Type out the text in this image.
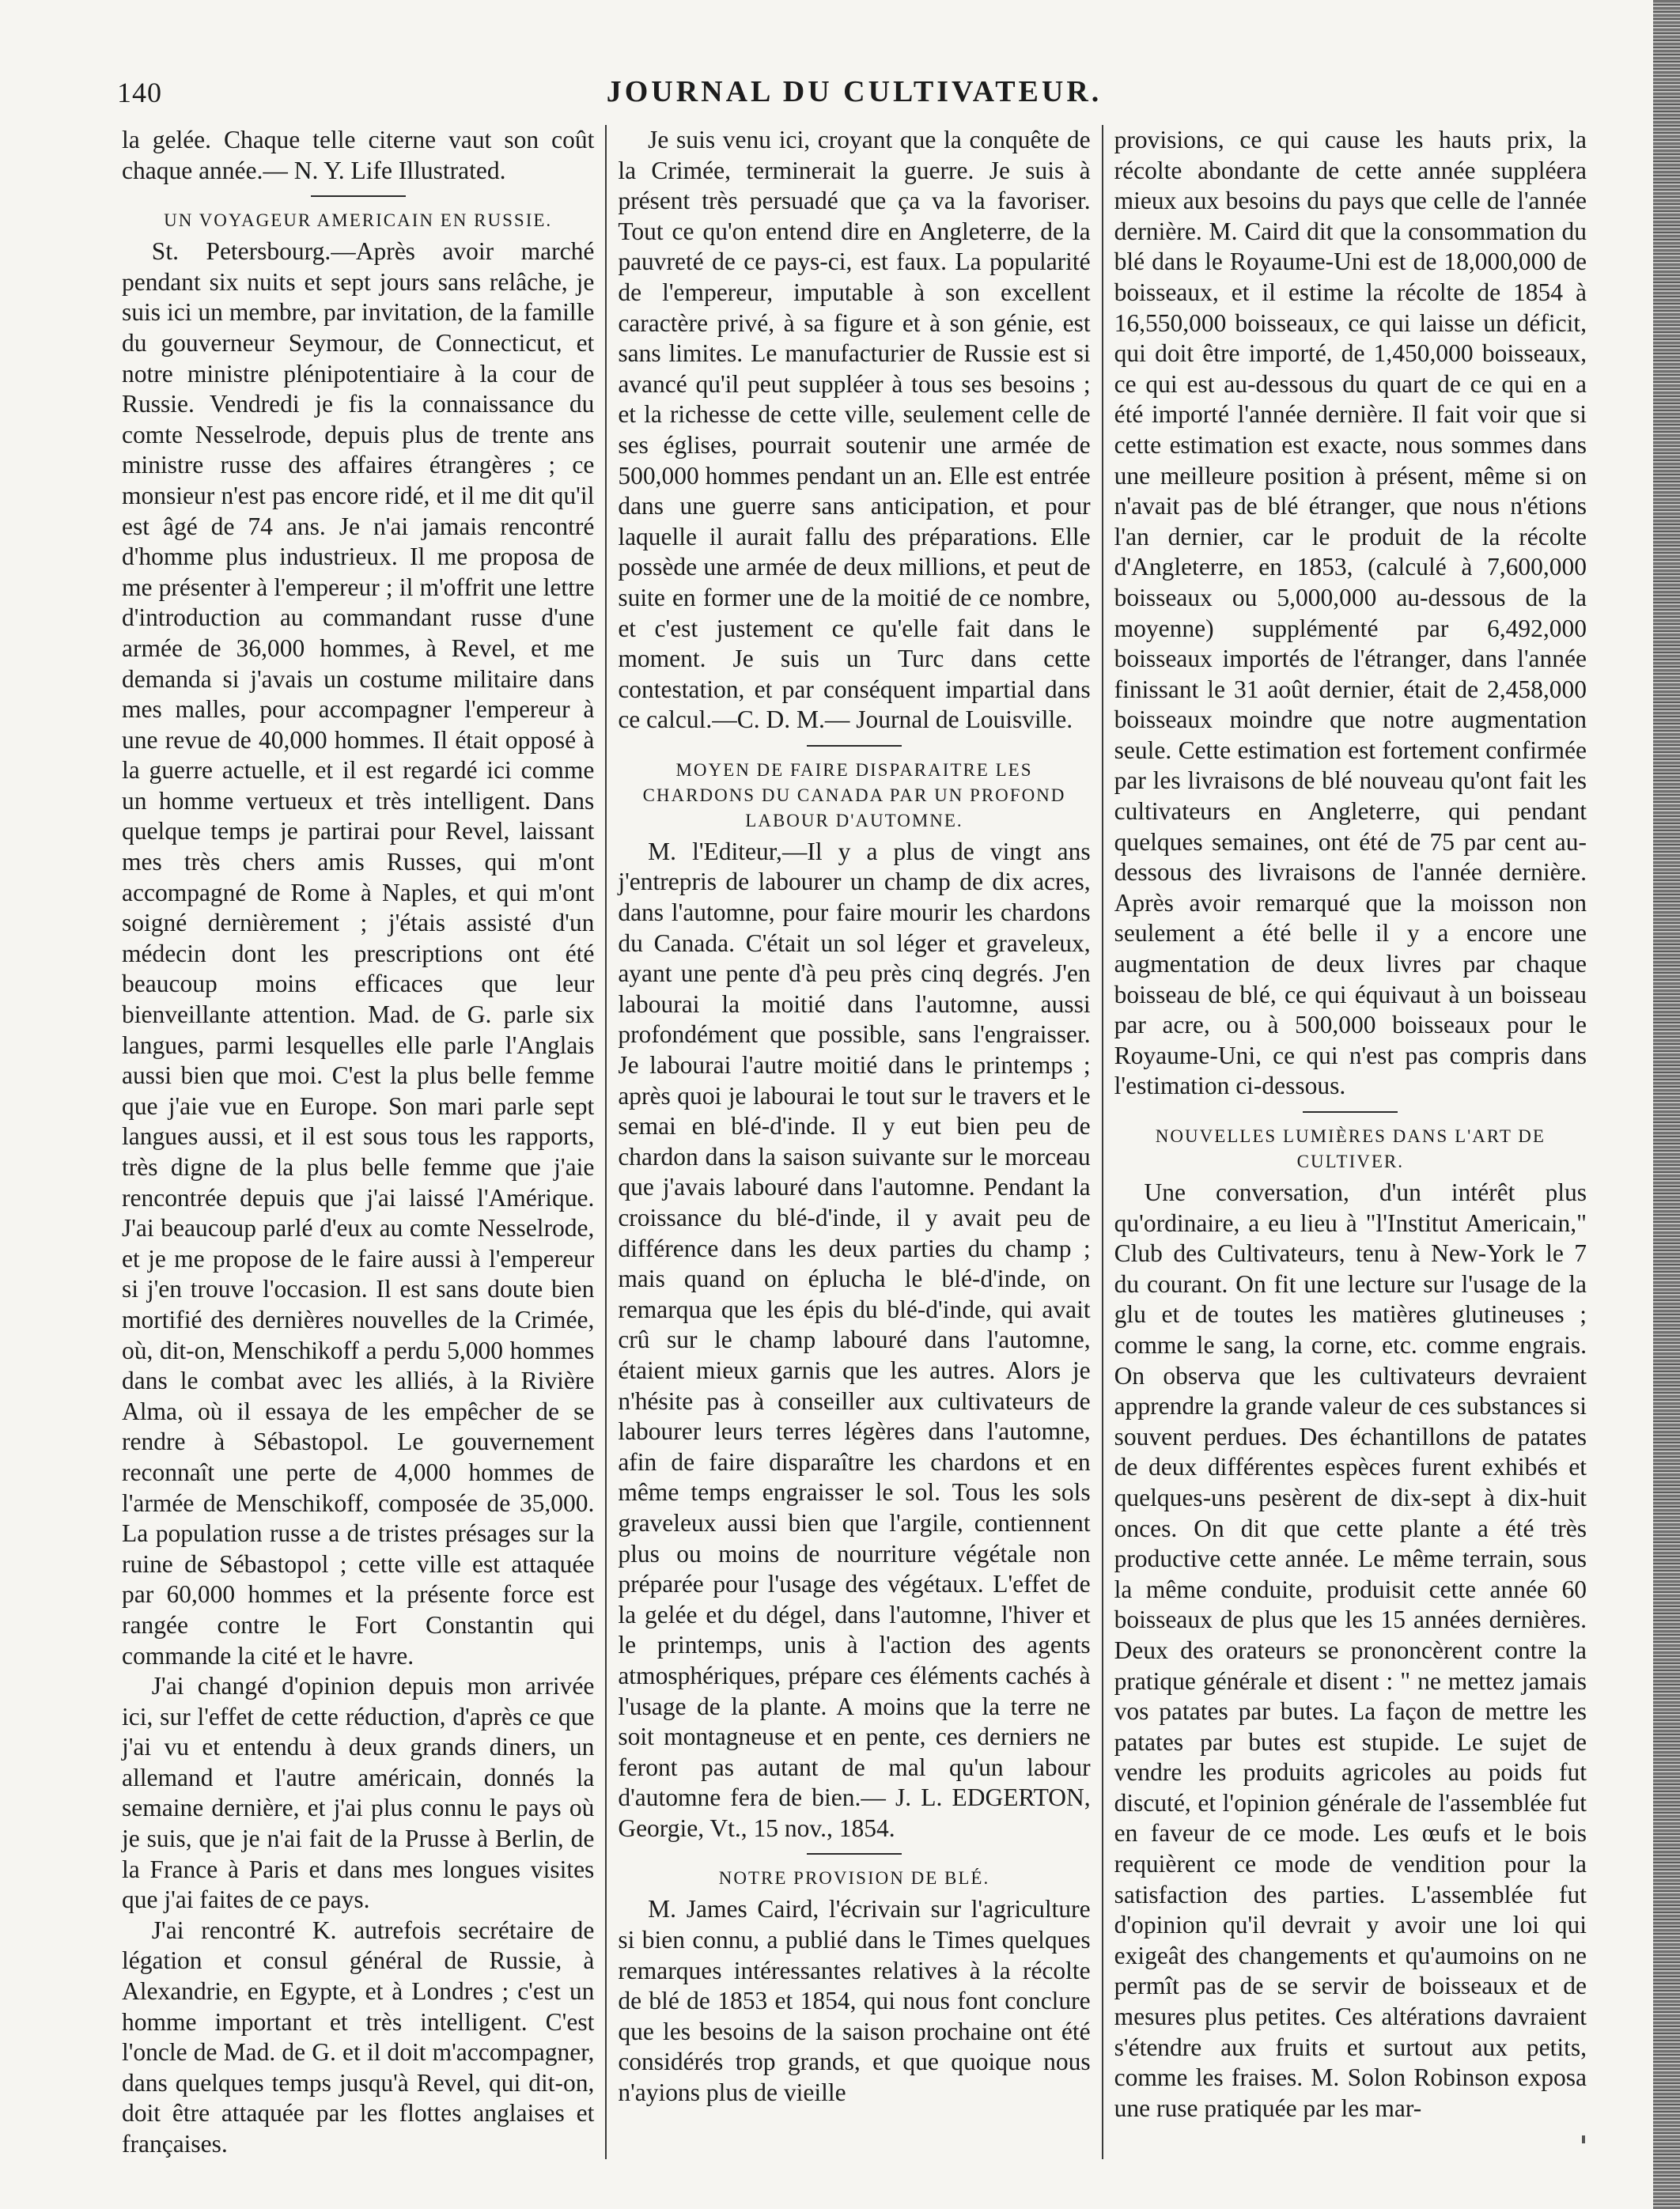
140	JOURNAL DU CULTIVATEUR.

la gelée. Chaque telle citerne vaut son coût chaque année.— N. Y. Life Illustrated.

UN VOYAGEUR AMERICAIN EN RUSSIE.

St. Petersbourg.—Après avoir marché pendant six nuits et sept jours sans relâche, je suis ici un membre, par invitation, de la famille du gouverneur Seymour, de Connecticut, et notre ministre plénipotentiaire à la cour de Russie. Vendredi je fis la connaissance du comte Nesselrode, depuis plus de trente ans ministre russe des affaires étrangères ; ce monsieur n'est pas encore ridé, et il me dit qu'il est âgé de 74 ans. Je n'ai jamais rencontré d'homme plus industrieux. Il me proposa de me présenter à l'empereur ; il m'offrit une lettre d'introduction au commandant russe d'une armée de 36,000 hommes, à Revel, et me demanda si j'avais un costume militaire dans mes malles, pour accompagner l'empereur à une revue de 40,000 hommes. Il était opposé à la guerre actuelle, et il est regardé ici comme un homme vertueux et très intelligent. Dans quelque temps je partirai pour Revel, laissant mes très chers amis Russes, qui m'ont accompagné de Rome à Naples, et qui m'ont soigné dernièrement ; j'étais assisté d'un médecin dont les prescriptions ont été beaucoup moins efficaces que leur bienveillante attention. Mad. de G. parle six langues, parmi lesquelles elle parle l'Anglais aussi bien que moi. C'est la plus belle femme que j'aie vue en Europe. Son mari parle sept langues aussi, et il est sous tous les rapports, très digne de la plus belle femme que j'aie rencontrée depuis que j'ai laissé l'Amérique. J'ai beaucoup parlé d'eux au comte Nesselrode, et je me propose de le faire aussi à l'empereur si j'en trouve l'occasion. Il est sans doute bien mortifié des dernières nouvelles de la Crimée, où, dit-on, Menschikoff a perdu 5,000 hommes dans le combat avec les alliés, à la Rivière Alma, où il essaya de les empêcher de se rendre à Sébastopol. Le gouvernement reconnaît une perte de 4,000 hommes de l'armée de Menschikoff, composée de 35,000. La population russe a de tristes présages sur la ruine de Sébastopol ; cette ville est attaquée par 60,000 hommes et la présente force est rangée contre le Fort Constantin qui commande la cité et le havre.

J'ai changé d'opinion depuis mon arrivée ici, sur l'effet de cette réduction, d'après ce que j'ai vu et entendu à deux grands diners, un allemand et l'autre américain, donnés la semaine dernière, et j'ai plus connu le pays où je suis, que je n'ai fait de la Prusse à Berlin, de la France à Paris et dans mes longues visites que j'ai faites de ce pays.

J'ai rencontré K. autrefois secrétaire de légation et consul général de Russie, à Alexandrie, en Egypte, et à Londres ; c'est un homme important et très intelligent. C'est l'oncle de Mad. de G. et il doit m'accompagner, dans quelques temps jusqu'à Revel, qui dit-on, doit être attaquée par les flottes anglaises et françaises.

Je suis venu ici, croyant que la conquête de la Crimée, terminerait la guerre. Je suis à présent très persuadé que ça va la favoriser. Tout ce qu'on entend dire en Angleterre, de la pauvreté de ce pays-ci, est faux. La popularité de l'empereur, imputable à son excellent caractère privé, à sa figure et à son génie, est sans limites. Le manufacturier de Russie est si avancé qu'il peut suppléer à tous ses besoins ; et la richesse de cette ville, seulement celle de ses églises, pourrait soutenir une armée de 500,000 hommes pendant un an. Elle est entrée dans une guerre sans anticipation, et pour laquelle il aurait fallu des préparations. Elle possède une armée de deux millions, et peut de suite en former une de la moitié de ce nombre, et c'est justement ce qu'elle fait dans le moment. Je suis un Turc dans cette contestation, et par conséquent impartial dans ce calcul.—C. D. M.— Journal de Louisville.

MOYEN DE FAIRE DISPARAITRE LES CHARDONS DU CANADA PAR UN PROFOND LABOUR D'AUTOMNE.

M. l'Editeur,—Il y a plus de vingt ans j'entrepris de labourer un champ de dix acres, dans l'automne, pour faire mourir les chardons du Canada. C'était un sol léger et graveleux, ayant une pente d'à peu près cinq degrés. J'en labourai la moitié dans l'automne, aussi profondément que possible, sans l'engraisser. Je labourai l'autre moitié dans le printemps ; après quoi je labourai le tout sur le travers et le semai en blé-d'inde. Il y eut bien peu de chardon dans la saison suivante sur le morceau que j'avais labouré dans l'automne. Pendant la croissance du blé-d'inde, il y avait peu de différence dans les deux parties du champ ; mais quand on éplucha le blé-d'inde, on remarqua que les épis du blé-d'inde, qui avait crû sur le champ labouré dans l'automne, étaient mieux garnis que les autres. Alors je n'hésite pas à conseiller aux cultivateurs de labourer leurs terres légères dans l'automne, afin de faire disparaître les chardons et en même temps engraisser le sol. Tous les sols graveleux aussi bien que l'argile, contiennent plus ou moins de nourriture végétale non préparée pour l'usage des végétaux. L'effet de la gelée et du dégel, dans l'automne, l'hiver et le printemps, unis à l'action des agents atmosphériques, prépare ces éléments cachés à l'usage de la plante. A moins que la terre ne soit montagneuse et en pente, ces derniers ne feront pas autant de mal qu'un labour d'automne fera de bien.— J. L. EDGERTON, Georgie, Vt., 15 nov., 1854.

NOTRE PROVISION DE BLÉ.

M. James Caird, l'écrivain sur l'agriculture si bien connu, a publié dans le Times quelques remarques intéressantes relatives à la récolte de blé de 1853 et 1854, qui nous font conclure que les besoins de la saison prochaine ont été considérés trop grands, et que quoique nous n'ayions plus de vieille

provisions, ce qui cause les hauts prix, la récolte abondante de cette année suppléera mieux aux besoins du pays que celle de l'année dernière. M. Caird dit que la consommation du blé dans le Royaume-Uni est de 18,000,000 de boisseaux, et il estime la récolte de 1854 à 16,550,000 boisseaux, ce qui laisse un déficit, qui doit être importé, de 1,450,000 boisseaux, ce qui est au-dessous du quart de ce qui en a été importé l'année dernière. Il fait voir que si cette estimation est exacte, nous sommes dans une meilleure position à présent, même si on n'avait pas de blé étranger, que nous n'étions l'an dernier, car le produit de la récolte d'Angleterre, en 1853, (calculé à 7,600,000 boisseaux ou 5,000,000 au-dessous de la moyenne) supplémenté par 6,492,000 boisseaux importés de l'étranger, dans l'année finissant le 31 août dernier, était de 2,458,000 boisseaux moindre que notre augmentation seule. Cette estimation est fortement confirmée par les livraisons de blé nouveau qu'ont fait les cultivateurs en Angleterre, qui pendant quelques semaines, ont été de 75 par cent au-dessous des livraisons de l'année dernière. Après avoir remarqué que la moisson non seulement a été belle il y a encore une augmentation de deux livres par chaque boisseau de blé, ce qui équivaut à un boisseau par acre, ou à 500,000 boisseaux pour le Royaume-Uni, ce qui n'est pas compris dans l'estimation ci-dessous.

NOUVELLES LUMIÈRES DANS L'ART DE CULTIVER.

Une conversation, d'un intérêt plus qu'ordinaire, a eu lieu à "l'Institut Americain," Club des Cultivateurs, tenu à New-York le 7 du courant. On fit une lecture sur l'usage de la glu et de toutes les matières glutineuses ; comme le sang, la corne, etc. comme engrais. On observa que les cultivateurs devraient apprendre la grande valeur de ces substances si souvent perdues. Des échantillons de patates de deux différentes espèces furent exhibés et quelques-uns pesèrent de dix-sept à dix-huit onces. On dit que cette plante a été très productive cette année. Le même terrain, sous la même conduite, produisit cette année 60 boisseaux de plus que les 15 années dernières. Deux des orateurs se prononcèrent contre la pratique générale et disent : " ne mettez jamais vos patates par butes. La façon de mettre les patates par butes est stupide. Le sujet de vendre les produits agricoles au poids fut discuté, et l'opinion générale de l'assemblée fut en faveur de ce mode. Les œufs et le bois requièrent ce mode de vendition pour la satisfaction des parties. L'assemblée fut d'opinion qu'il devrait y avoir une loi qui exigeât des changements et qu'aumoins on ne permît pas de se servir de boisseaux et de mesures plus petites. Ces altérations davraient s'étendre aux fruits et surtout aux petits, comme les fraises. M. Solon Robinson exposa une ruse pratiquée par les mar-
